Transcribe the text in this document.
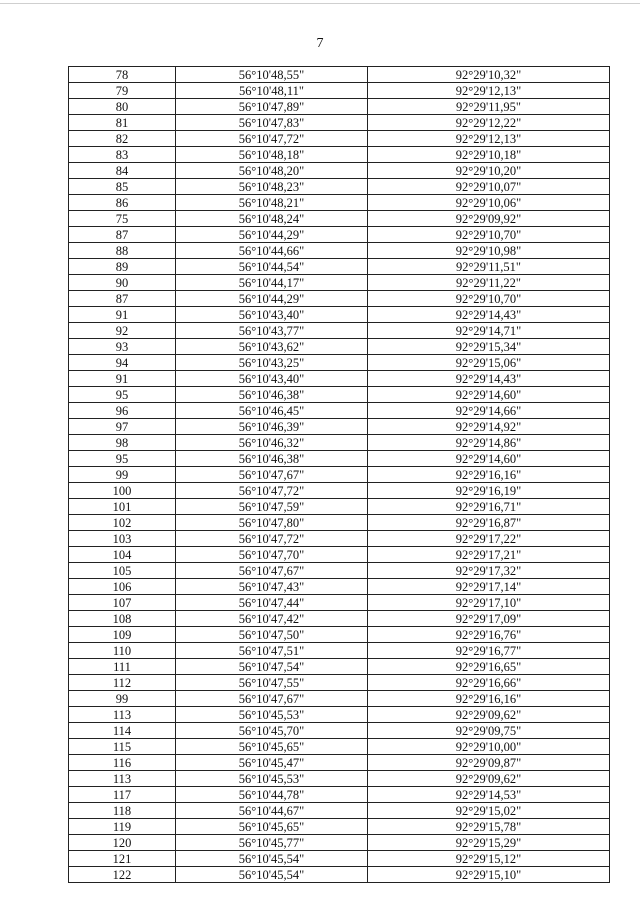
7
78	56°10'48,55"	92°29'10,32"
79	56°10'48,11"	92°29'12,13"
80	56°10'47,89"	92°29'11,95"
81	56°10'47,83"	92°29'12,22"
82	56°10'47,72"	92°29'12,13"
83	56°10'48,18"	92°29'10,18"
84	56°10'48,20"	92°29'10,20"
85	56°10'48,23"	92°29'10,07"
86	56°10'48,21"	92°29'10,06"
75	56°10'48,24"	92°29'09,92"
87	56°10'44,29"	92°29'10,70"
88	56°10'44,66"	92°29'10,98"
89	56°10'44,54"	92°29'11,51"
90	56°10'44,17"	92°29'11,22"
87	56°10'44,29"	92°29'10,70"
91	56°10'43,40"	92°29'14,43"
92	56°10'43,77"	92°29'14,71"
93	56°10'43,62"	92°29'15,34"
94	56°10'43,25"	92°29'15,06"
91	56°10'43,40"	92°29'14,43"
95	56°10'46,38"	92°29'14,60"
96	56°10'46,45"	92°29'14,66"
97	56°10'46,39"	92°29'14,92"
98	56°10'46,32"	92°29'14,86"
95	56°10'46,38"	92°29'14,60"
99	56°10'47,67"	92°29'16,16"
100	56°10'47,72"	92°29'16,19"
101	56°10'47,59"	92°29'16,71"
102	56°10'47,80"	92°29'16,87"
103	56°10'47,72"	92°29'17,22"
104	56°10'47,70"	92°29'17,21"
105	56°10'47,67"	92°29'17,32"
106	56°10'47,43"	92°29'17,14"
107	56°10'47,44"	92°29'17,10"
108	56°10'47,42"	92°29'17,09"
109	56°10'47,50"	92°29'16,76"
110	56°10'47,51"	92°29'16,77"
111	56°10'47,54"	92°29'16,65"
112	56°10'47,55"	92°29'16,66"
99	56°10'47,67"	92°29'16,16"
113	56°10'45,53"	92°29'09,62"
114	56°10'45,70"	92°29'09,75"
115	56°10'45,65"	92°29'10,00"
116	56°10'45,47"	92°29'09,87"
113	56°10'45,53"	92°29'09,62"
117	56°10'44,78"	92°29'14,53"
118	56°10'44,67"	92°29'15,02"
119	56°10'45,65"	92°29'15,78"
120	56°10'45,77"	92°29'15,29"
121	56°10'45,54"	92°29'15,12"
122	56°10'45,54"	92°29'15,10"
